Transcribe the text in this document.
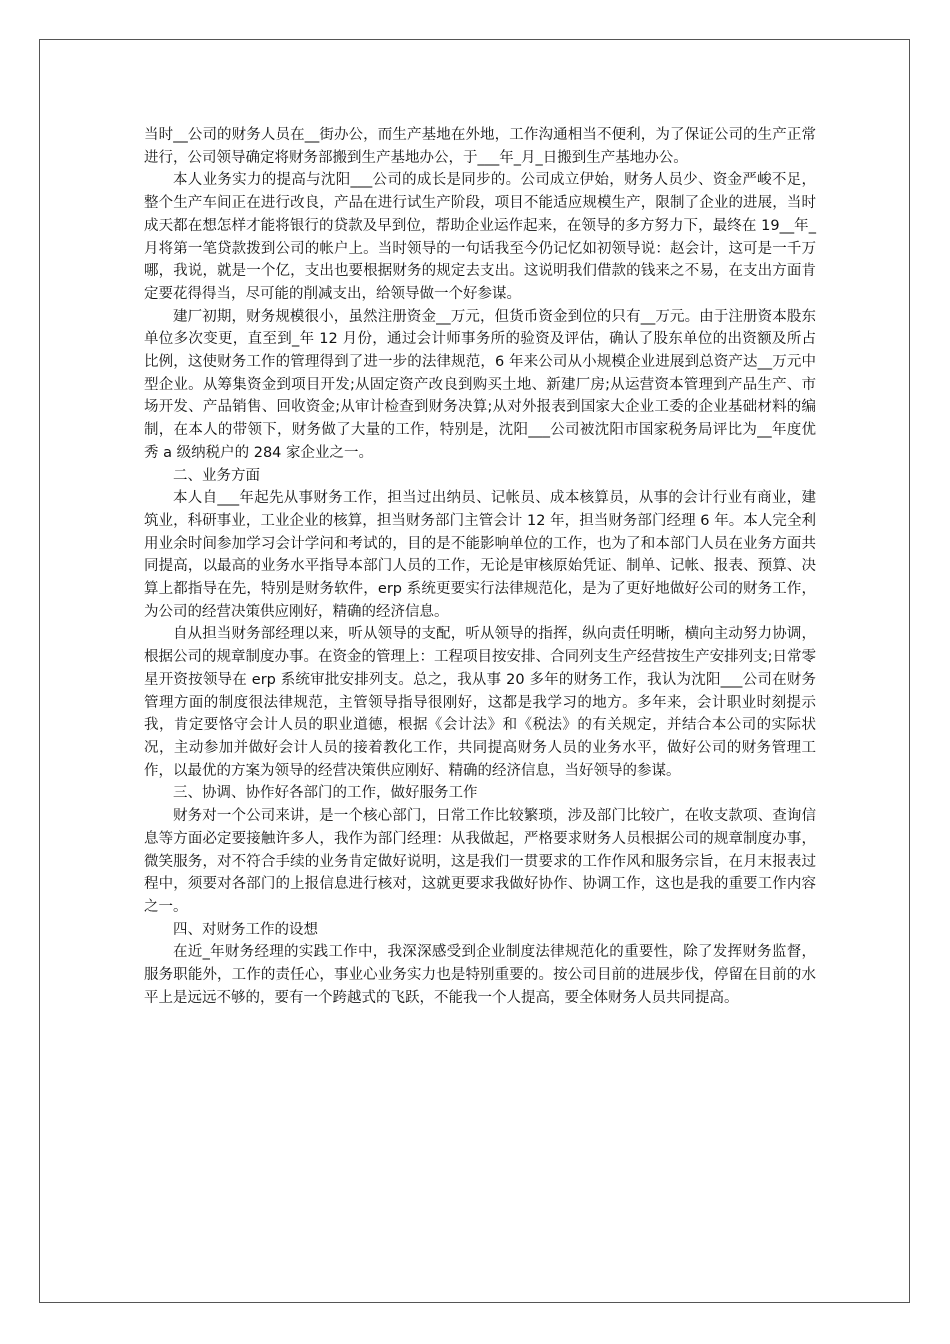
当时__公司的财务人员在__街办公，而生产基地在外地，工作沟通相当不便利，为了保证公司的生产正常进行，公司领导确定将财务部搬到生产基地办公，于___年_月_日搬到生产基地办公。

本人业务实力的提高与沈阳___公司的成长是同步的。公司成立伊始，财务人员少、资金严峻不足，整个生产车间正在进行改良，产品在进行试生产阶段，项目不能适应规模生产，限制了企业的进展，当时成天都在想怎样才能将银行的贷款及早到位，帮助企业运作起来，在领导的多方努力下，最终在 19__年_月将第一笔贷款拨到公司的帐户上。当时领导的一句话我至今仍记忆如初领导说：赵会计，这可是一千万哪，我说，就是一个亿，支出也要根据财务的规定去支出。这说明我们借款的钱来之不易，在支出方面肯定要花得得当，尽可能的削减支出，给领导做一个好参谋。

建厂初期，财务规模很小，虽然注册资金__万元，但货币资金到位的只有__万元。由于注册资本股东单位多次变更，直至到_年 12 月份，通过会计师事务所的验资及评估，确认了股东单位的出资额及所占比例，这使财务工作的管理得到了进一步的法律规范，6 年来公司从小规模企业进展到总资产达__万元中型企业。从筹集资金到项目开发;从固定资产改良到购买土地、新建厂房;从运营资本管理到产品生产、市场开发、产品销售、回收资金;从审计检查到财务决算;从对外报表到国家大企业工委的企业基础材料的编制，在本人的带领下，财务做了大量的工作，特别是，沈阳___公司被沈阳市国家税务局评比为__年度优秀 a 级纳税户的 284 家企业之一。

二、业务方面

本人自___年起先从事财务工作，担当过出纳员、记帐员、成本核算员，从事的会计行业有商业，建筑业，科研事业，工业企业的核算，担当财务部门主管会计 12 年，担当财务部门经理 6 年。本人完全利用业余时间参加学习会计学问和考试的，目的是不能影响单位的工作，也为了和本部门人员在业务方面共同提高，以最高的业务水平指导本部门人员的工作，无论是审核原始凭证、制单、记帐、报表、预算、决算上都指导在先，特别是财务软件，erp 系统更要实行法律规范化，是为了更好地做好公司的财务工作，为公司的经营决策供应刚好，精确的经济信息。

自从担当财务部经理以来，听从领导的支配，听从领导的指挥，纵向责任明晰，横向主动努力协调，根据公司的规章制度办事。在资金的管理上：工程项目按安排、合同列支生产经营按生产安排列支;日常零星开资按领导在 erp 系统审批安排列支。总之，我从事 20 多年的财务工作，我认为沈阳___公司在财务管理方面的制度很法律规范，主管领导指导很刚好，这都是我学习的地方。多年来，会计职业时刻提示我，肯定要恪守会计人员的职业道德，根据《会计法》和《税法》的有关规定，并结合本公司的实际状况，主动参加并做好会计人员的接着教化工作，共同提高财务人员的业务水平，做好公司的财务管理工作，以最优的方案为领导的经营决策供应刚好、精确的经济信息，当好领导的参谋。

三、协调、协作好各部门的工作，做好服务工作

财务对一个公司来讲，是一个核心部门，日常工作比较繁琐，涉及部门比较广，在收支款项、查询信息等方面必定要接触许多人，我作为部门经理：从我做起，严格要求财务人员根据公司的规章制度办事，微笑服务，对不符合手续的业务肯定做好说明，这是我们一贯要求的工作作风和服务宗旨，在月末报表过程中，须要对各部门的上报信息进行核对，这就更要求我做好协作、协调工作，这也是我的重要工作内容之一。

四、对财务工作的设想

在近_年财务经理的实践工作中，我深深感受到企业制度法律规范化的重要性，除了发挥财务监督，服务职能外，工作的责任心，事业心业务实力也是特别重要的。按公司目前的进展步伐，停留在目前的水平上是远远不够的，要有一个跨越式的飞跃，不能我一个人提高，要全体财务人员共同提高。
